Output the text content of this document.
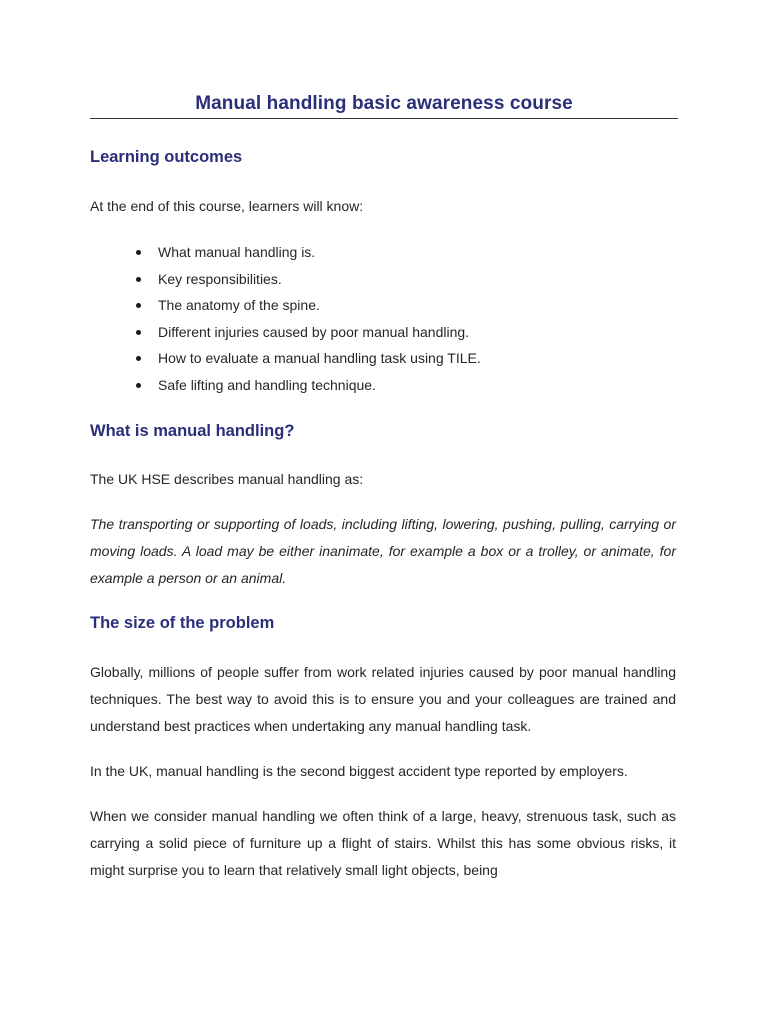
Manual handling basic awareness course
Learning outcomes

At the end of this course, learners will know:

What manual handling is.
Key responsibilities.
The anatomy of the spine.
Different injuries caused by poor manual handling.
How to evaluate a manual handling task using TILE.
Safe lifting and handling technique.
What is manual handling?

The UK HSE describes manual handling as:

The transporting or supporting of loads, including lifting, lowering, pushing, pulling, carrying or moving loads. A load may be either inanimate, for example a box or a trolley, or animate, for example a person or an animal.

The size of the problem

Globally, millions of people suffer from work related injuries caused by poor manual handling techniques. The best way to avoid this is to ensure you and your colleagues are trained and understand best practices when undertaking any manual handling task.

In the UK, manual handling is the second biggest accident type reported by employers.

When we consider manual handling we often think of a large, heavy, strenuous task, such as carrying a solid piece of furniture up a flight of stairs. Whilst this has some obvious risks, it might surprise you to learn that relatively small light objects, being
